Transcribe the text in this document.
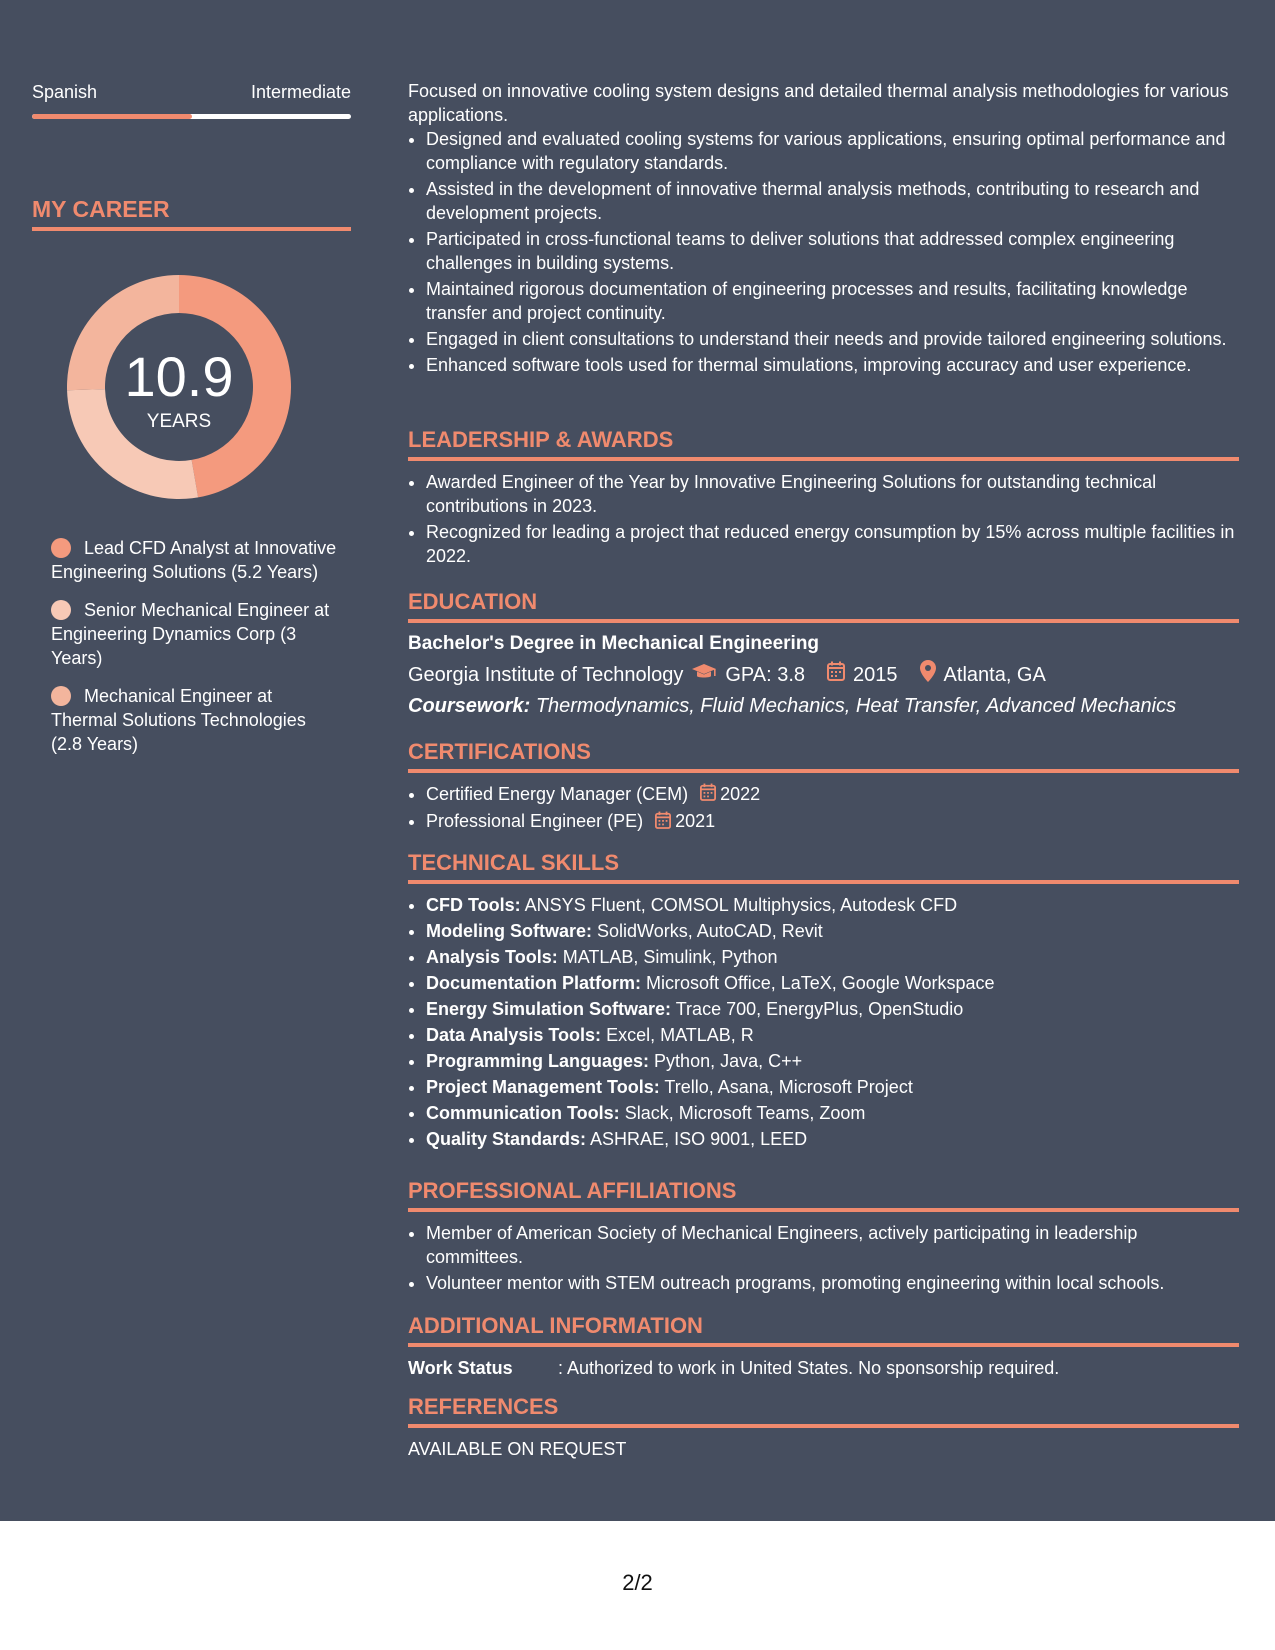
Spanish	Intermediate
MY CAREER
10.9
YEARS
Lead CFD Analyst at Innovative Engineering Solutions (5.2 Years)
Senior Mechanical Engineer at Engineering Dynamics Corp (3 Years)
Mechanical Engineer at Thermal Solutions Technologies (2.8 Years)

Focused on innovative cooling system designs and detailed thermal analysis methodologies for various applications.

• Designed and evaluated cooling systems for various applications, ensuring optimal performance and compliance with regulatory standards.
• Assisted in the development of innovative thermal analysis methods, contributing to research and development projects.
• Participated in cross-functional teams to deliver solutions that addressed complex engineering challenges in building systems.
• Maintained rigorous documentation of engineering processes and results, facilitating knowledge transfer and project continuity.
• Engaged in client consultations to understand their needs and provide tailored engineering solutions.
• Enhanced software tools used for thermal simulations, improving accuracy and user experience.
LEADERSHIP & AWARDS
• Awarded Engineer of the Year by Innovative Engineering Solutions for outstanding technical contributions in 2023.
• Recognized for leading a project that reduced energy consumption by 15% across multiple facilities in 2022.
EDUCATION
Bachelor's Degree in Mechanical Engineering
Georgia Institute of Technology GPA: 3.8 2015 Atlanta, GA
Coursework: Thermodynamics, Fluid Mechanics, Heat Transfer, Advanced Mechanics
CERTIFICATIONS
• Certified Energy Manager (CEM) 2022
• Professional Engineer (PE) 2021
TECHNICAL SKILLS
• CFD Tools: ANSYS Fluent, COMSOL Multiphysics, Autodesk CFD
• Modeling Software: SolidWorks, AutoCAD, Revit
• Analysis Tools: MATLAB, Simulink, Python
• Documentation Platform: Microsoft Office, LaTeX, Google Workspace
• Energy Simulation Software: Trace 700, EnergyPlus, OpenStudio
• Data Analysis Tools: Excel, MATLAB, R
• Programming Languages: Python, Java, C++
• Project Management Tools: Trello, Asana, Microsoft Project
• Communication Tools: Slack, Microsoft Teams, Zoom
• Quality Standards: ASHRAE, ISO 9001, LEED
PROFESSIONAL AFFILIATIONS
• Member of American Society of Mechanical Engineers, actively participating in leadership committees.
• Volunteer mentor with STEM outreach programs, promoting engineering within local schools.
ADDITIONAL INFORMATION
Work Status	: Authorized to work in United States. No sponsorship required.
REFERENCES
AVAILABLE ON REQUEST
2/2
